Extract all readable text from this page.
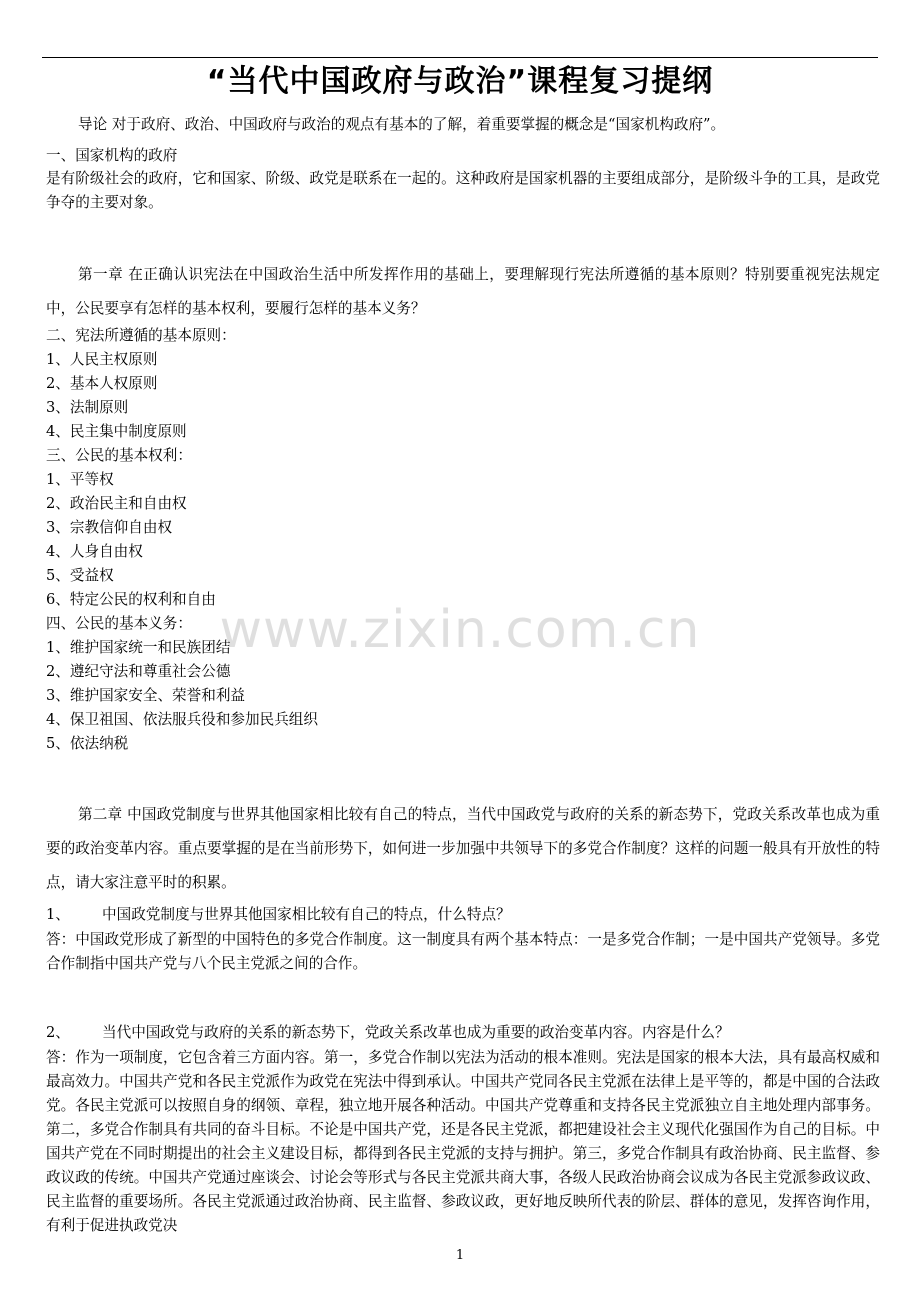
“当代中国政府与政治”课程复习提纲
导论 对于政府、政治、中国政府与政治的观点有基本的了解，着重要掌握的概念是“国家机构政府”。
一、国家机构的政府
是有阶级社会的政府，它和国家、阶级、政党是联系在一起的。这种政府是国家机器的主要组成部分，是阶级斗争的工具，是政党争夺的主要对象。
第一章 在正确认识宪法在中国政治生活中所发挥作用的基础上，要理解现行宪法所遵循的基本原则？特别要重视宪法规定中，公民要享有怎样的基本权利，要履行怎样的基本义务？
二、宪法所遵循的基本原则：
1、人民主权原则
2、基本人权原则
3、法制原则
4、民主集中制度原则
三、公民的基本权利：
1、平等权
2、政治民主和自由权
3、宗教信仰自由权
4、人身自由权
5、受益权
6、特定公民的权利和自由
四、公民的基本义务：
1、维护国家统一和民族团结
2、遵纪守法和尊重社会公德
3、维护国家安全、荣誉和利益
4、保卫祖国、依法服兵役和参加民兵组织
5、依法纳税
第二章 中国政党制度与世界其他国家相比较有自己的特点，当代中国政党与政府的关系的新态势下，党政关系改革也成为重要的政治变革内容。重点要掌握的是在当前形势下，如何进一步加强中共领导下的多党合作制度？这样的问题一般具有开放性的特点，请大家注意平时的积累。
1、 中国政党制度与世界其他国家相比较有自己的特点，什么特点？
答：中国政党形成了新型的中国特色的多党合作制度。这一制度具有两个基本特点：一是多党合作制；一是中国共产党领导。多党合作制指中国共产党与八个民主党派之间的合作。
2、 当代中国政党与政府的关系的新态势下，党政关系改革也成为重要的政治变革内容。内容是什么？
答：作为一项制度，它包含着三方面内容。第一，多党合作制以宪法为活动的根本准则。宪法是国家的根本大法，具有最高权威和最高效力。中国共产党和各民主党派作为政党在宪法中得到承认。中国共产党同各民主党派在法律上是平等的，都是中国的合法政党。各民主党派可以按照自身的纲领、章程，独立地开展各种活动。中国共产党尊重和支持各民主党派独立自主地处理内部事务。第二，多党合作制具有共同的奋斗目标。不论是中国共产党，还是各民主党派，都把建设社会主义现代化强国作为自己的目标。中国共产党在不同时期提出的社会主义建设目标，都得到各民主党派的支持与拥护。第三，多党合作制具有政治协商、民主监督、参政议政的传统。中国共产党通过座谈会、讨论会等形式与各民主党派共商大事，各级人民政治协商会议成为各民主党派参政议政、民主监督的重要场所。各民主党派通过政治协商、民主监督、参政议政，更好地反映所代表的阶层、群体的意见，发挥咨询作用，有利于促进执政党决
www.zixin.com.cn
1
